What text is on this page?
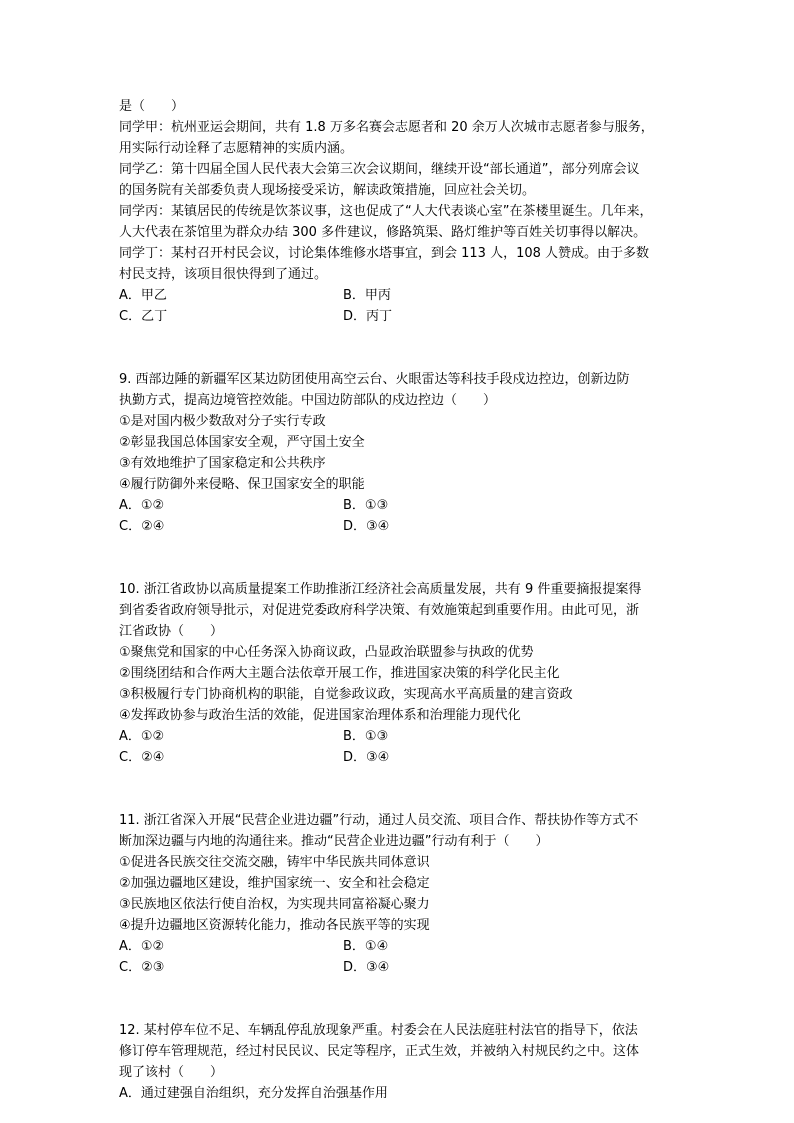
是（　　）
同学甲：杭州亚运会期间，共有 1.8 万多名赛会志愿者和 20 余万人次城市志愿者参与服务，
用实际行动诠释了志愿精神的实质内涵。
同学乙：第十四届全国人民代表大会第三次会议期间，继续开设“部长通道”，部分列席会议
的国务院有关部委负责人现场接受采访，解读政策措施，回应社会关切。
同学丙：某镇居民的传统是饮茶议事，这也促成了“人大代表谈心室”在茶楼里诞生。几年来，
人大代表在茶馆里为群众办结 300 多件建议，修路筑渠、路灯维护等百姓关切事得以解决。
同学丁：某村召开村民会议，讨论集体维修水塔事宜，到会 113 人，108 人赞成。由于多数
村民支持，该项目很快得到了通过。
A．甲乙	B．甲丙
C．乙丁	D．丙丁
9. 西部边陲的新疆军区某边防团使用高空云台、火眼雷达等科技手段戍边控边，创新边防
执勤方式，提高边境管控效能。中国边防部队的戍边控边（　　）
①是对国内极少数敌对分子实行专政
②彰显我国总体国家安全观，严守国土安全
③有效地维护了国家稳定和公共秩序
④履行防御外来侵略、保卫国家安全的职能
A．①②	B．①③
C．②④	D．③④
10. 浙江省政协以高质量提案工作助推浙江经济社会高质量发展，共有 9 件重要摘报提案得
到省委省政府领导批示，对促进党委政府科学决策、有效施策起到重要作用。由此可见，浙
江省政协（　　）
①聚焦党和国家的中心任务深入协商议政，凸显政治联盟参与执政的优势
②围绕团结和合作两大主题合法依章开展工作，推进国家决策的科学化民主化
③积极履行专门协商机构的职能，自觉参政议政，实现高水平高质量的建言资政
④发挥政协参与政治生活的效能，促进国家治理体系和治理能力现代化
A．①②	B．①③
C．②④	D．③④
11. 浙江省深入开展“民营企业进边疆”行动，通过人员交流、项目合作、帮扶协作等方式不
断加深边疆与内地的沟通往来。推动“民营企业进边疆”行动有利于（　　）
①促进各民族交往交流交融，铸牢中华民族共同体意识
②加强边疆地区建设，维护国家统一、安全和社会稳定
③民族地区依法行使自治权，为实现共同富裕凝心聚力
④提升边疆地区资源转化能力，推动各民族平等的实现
A．①②	B．①④
C．②③	D．③④
12. 某村停车位不足、车辆乱停乱放现象严重。村委会在人民法庭驻村法官的指导下，依法
修订停车管理规范，经过村民民议、民定等程序，正式生效，并被纳入村规民约之中。这体
现了该村（　　）
A．通过建强自治组织，充分发挥自治强基作用
